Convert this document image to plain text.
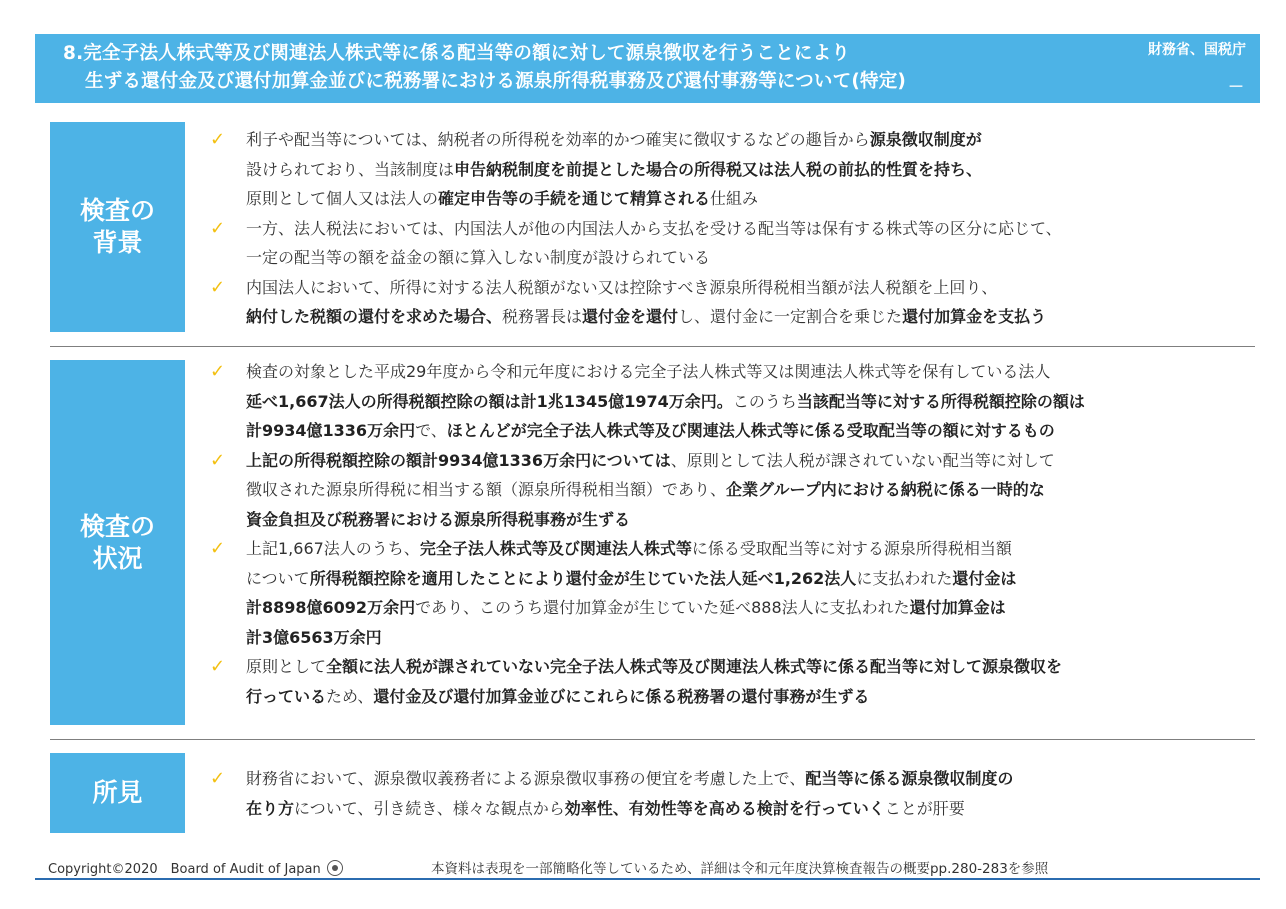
8.完全子法人株式等及び関連法人株式等に係る配当等の額に対して源泉徴収を行うことにより
生ずる還付金及び還付加算金並びに税務署における源泉所得税事務及び還付事務等について(特定)
財務省、国税庁
－
検査の
背景
✓ 利子や配当等については、納税者の所得税を効率的かつ確実に徴収するなどの趣旨から源泉徴収制度が
設けられており、当該制度は申告納税制度を前提とした場合の所得税又は法人税の前払的性質を持ち、
原則として個人又は法人の確定申告等の手続を通じて精算される仕組み
✓ 一方、法人税法においては、内国法人が他の内国法人から支払を受ける配当等は保有する株式等の区分に応じて、
一定の配当等の額を益金の額に算入しない制度が設けられている
✓ 内国法人において、所得に対する法人税額がない又は控除すべき源泉所得税相当額が法人税額を上回り、
納付した税額の還付を求めた場合、税務署長は還付金を還付し、還付金に一定割合を乗じた還付加算金を支払う
検査の
状況
✓ 検査の対象とした平成29年度から令和元年度における完全子法人株式等又は関連法人株式等を保有している法人
延べ1,667法人の所得税額控除の額は計1兆1345億1974万余円。このうち当該配当等に対する所得税額控除の額は
計9934億1336万余円で、ほとんどが完全子法人株式等及び関連法人株式等に係る受取配当等の額に対するもの
✓ 上記の所得税額控除の額計9934億1336万余円については、原則として法人税が課されていない配当等に対して
徴収された源泉所得税に相当する額（源泉所得税相当額）であり、企業グループ内における納税に係る一時的な
資金負担及び税務署における源泉所得税事務が生ずる
✓ 上記1,667法人のうち、完全子法人株式等及び関連法人株式等に係る受取配当等に対する源泉所得税相当額
について所得税額控除を適用したことにより還付金が生じていた法人延べ1,262法人に支払われた還付金は
計8898億6092万余円であり、このうち還付加算金が生じていた延べ888法人に支払われた還付加算金は
計3億6563万余円
✓ 原則として全額に法人税が課されていない完全子法人株式等及び関連法人株式等に係る配当等に対して源泉徴収を
行っているため、還付金及び還付加算金並びにこれらに係る税務署の還付事務が生ずる
所見	✓ 財務省において、源泉徴収義務者による源泉徴収事務の便宜を考慮した上で、配当等に係る源泉徴収制度の
在り方について、引き続き、様々な観点から効率性、有効性等を高める検討を行っていくことが肝要
Copyright©2020　Board of Audit of Japan	本資料は表現を一部簡略化等しているため、詳細は令和元年度決算検査報告の概要pp.280-283を参照
